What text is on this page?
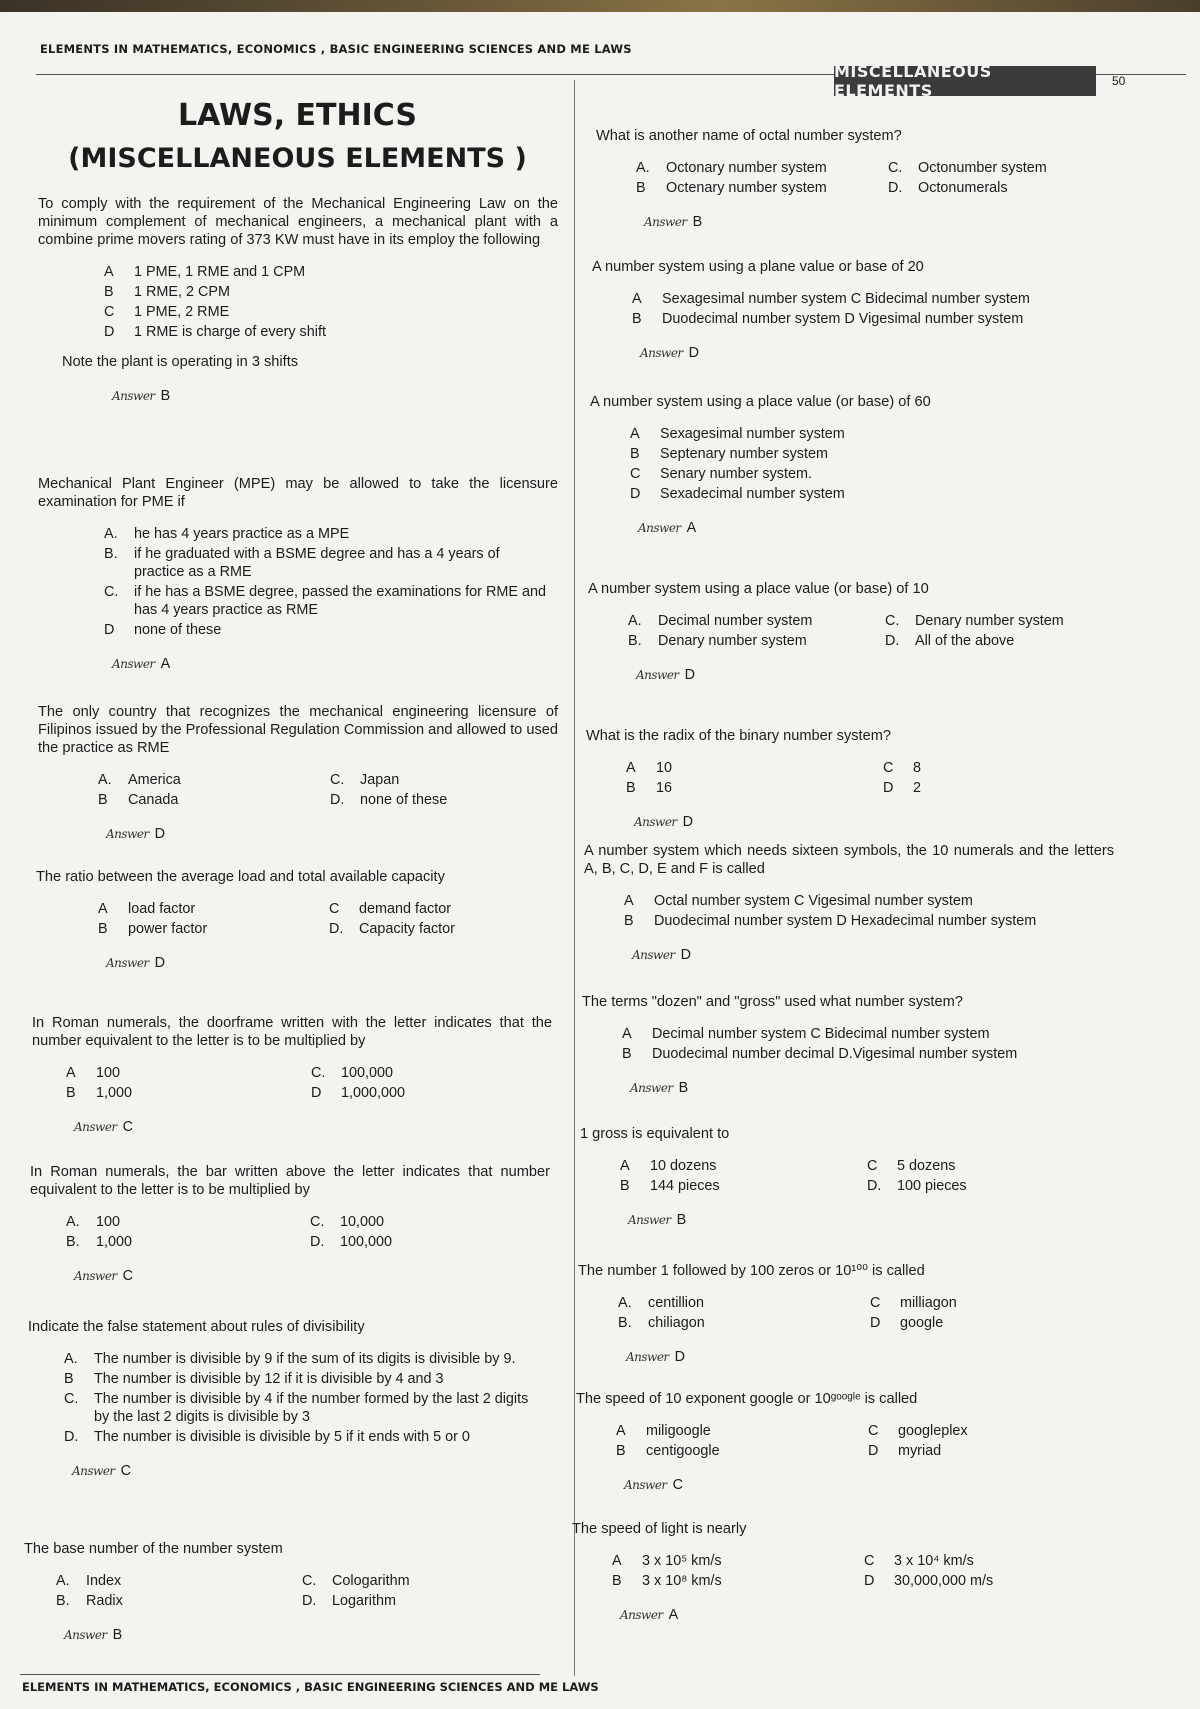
ELEMENTS IN MATHEMATICS, ECONOMICS , BASIC ENGINEERING SCIENCES AND ME LAWS
MISCELLANEOUS ELEMENTS	50
LAWS, ETHICS
(MISCELLANEOUS ELEMENTS )
To comply with the requirement of the Mechanical Engineering Law on the minimum complement of mechanical engineers, a mechanical plant with a combine prime movers rating of 373 KW must have in its employ the following
A	1 PME, 1 RME and 1 CPM
B	1 RME, 2 CPM
C	1 PME, 2 RME
D	1 RME is charge of every shift
Note the plant is operating in 3 shifts
Answer B
Mechanical Plant Engineer (MPE) may be allowed to take the licensure examination for PME if
A.	he has 4 years practice as a MPE
B.	if he graduated with a BSME degree and has a 4 years of practice as a RME
C.	if he has a BSME degree, passed the examinations for RME and has 4 years practice as RME
D	none of these
Answer A
The only country that recognizes the mechanical engineering licensure of Filipinos issued by the Professional Regulation Commission and allowed to used the practice as RME
A.	America	C.	Japan
B	Canada	D.	none of these
Answer D
The ratio between the average load and total available capacity
A	load factor	C	demand factor
B	power factor	D.	Capacity factor
Answer D
In Roman numerals, the doorframe written with the letter indicates that the number equivalent to the letter is to be multiplied by
A	100	C.	100,000
B	1,000	D	1,000,000
Answer C
In Roman numerals, the bar written above the letter indicates that number equivalent to the letter is to be multiplied by
A.	100	C.	10,000
B.	1,000	D.	100,000
Answer C
Indicate the false statement about rules of divisibility
A.	The number is divisible by 9 if the sum of its digits is divisible by 9.
B	The number is divisible by 12 if it is divisible by 4 and 3
C.	The number is divisible by 4 if the number formed by the last 2 digits by the last 2 digits is divisible by 3
D.	The number is divisible is divisible by 5 if it ends with 5 or 0
Answer C
The base number of the number system
A.	Index	C.	Cologarithm
B.	Radix	D.	Logarithm
Answer B
What is another name of octal number system?
A.	Octonary number system	C.	Octonumber system
B	Octenary number system	D.	Octonumerals
Answer B
A number system using a plane value or base of 20
A	Sexagesimal number system C Bidecimal number system
B	Duodecimal number system D Vigesimal number system
Answer D
A number system using a place value (or base) of 60
A	Sexagesimal number system
B	Septenary number system
C	Senary number system.
D	Sexadecimal number system
Answer A
A number system using a place value (or base) of 10
A.	Decimal number system	C.	Denary number system
B.	Denary number system	D.	All of the above
Answer D
What is the radix of the binary number system?
A	10	C	8
B	16	D	2
Answer D
A number system which needs sixteen symbols, the 10 numerals and the letters A, B, C, D, E and F is called
A	Octal number system C Vigesimal number system
B	Duodecimal number system D Hexadecimal number system
Answer D
The terms "dozen" and "gross" used what number system?
A	Decimal number system C Bidecimal number system
B	Duodecimal number decimal D.Vigesimal number system
Answer B
1 gross is equivalent to
A	10 dozens	C	5 dozens
B	144 pieces	D.	100 pieces
Answer B
The number 1 followed by 100 zeros or 10¹⁰⁰ is called
A.	centillion	C	milliagon
B.	chiliagon	D	google
Answer D
The speed of 10 exponent google or 10ᵍᵒᵒᵍˡᵉ is called
A	miligoogle	C	googleplex
B	centigoogle	D	myriad
Answer C
The speed of light is nearly
A	3 x 10⁵ km/s	C	3 x 10⁴ km/s
B	3 x 10⁸ km/s	D	30,000,000 m/s
Answer A
ELEMENTS IN MATHEMATICS, ECONOMICS , BASIC ENGINEERING SCIENCES AND ME LAWS
